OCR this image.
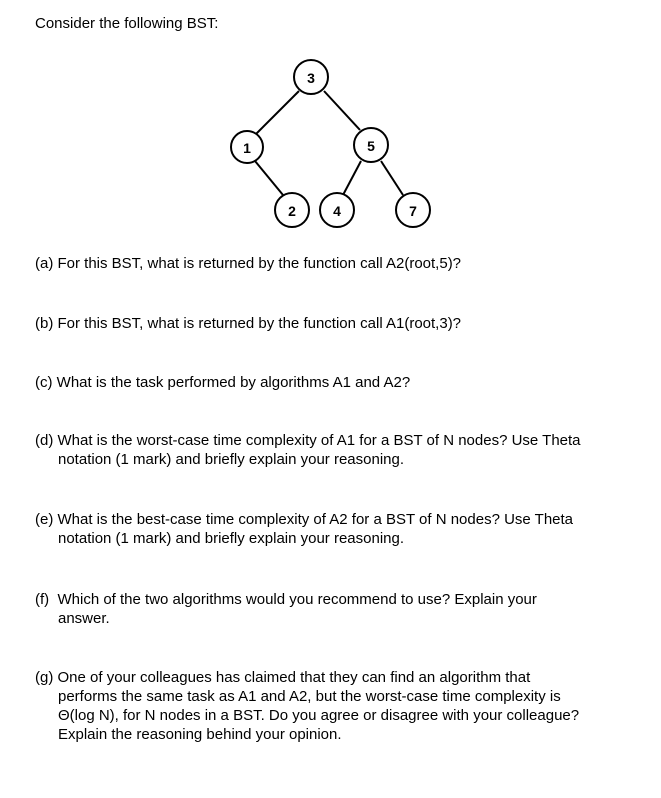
Consider the following BST:

3
1	5
2	4	7

(a) For this BST, what is returned by the function call A2(root,5)?

(b) For this BST, what is returned by the function call A1(root,3)?

(c) What is the task performed by algorithms A1 and A2?

(d) What is the worst-case time complexity of A1 for a BST of N nodes? Use Theta
notation (1 mark) and briefly explain your reasoning.

(e) What is the best-case time complexity of A2 for a BST of N nodes? Use Theta
notation (1 mark) and briefly explain your reasoning.

(f)  Which of the two algorithms would you recommend to use? Explain your
answer.

(g) One of your colleagues has claimed that they can find an algorithm that
performs the same task as A1 and A2, but the worst-case time complexity is
Θ(log N), for N nodes in a BST. Do you agree or disagree with your colleague?
Explain the reasoning behind your opinion.
